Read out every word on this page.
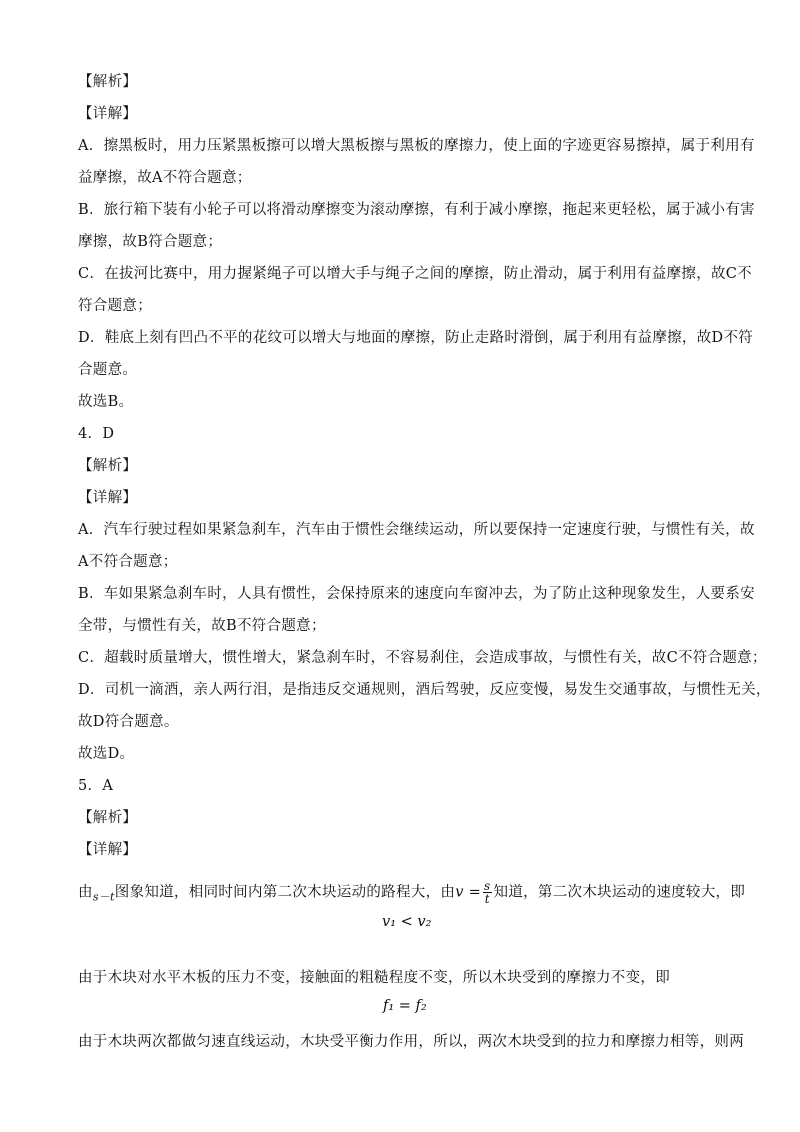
【解析】
【详解】
A．擦黑板时，用力压紧黑板擦可以增大黑板擦与黑板的摩擦力，使上面的字迹更容易擦掉，属于利用有
益摩擦，故A不符合题意；
B．旅行箱下装有小轮子可以将滑动摩擦变为滚动摩擦，有利于减小摩擦，拖起来更轻松，属于减小有害
摩擦，故B符合题意；
C．在拔河比赛中，用力握紧绳子可以增大手与绳子之间的摩擦，防止滑动，属于利用有益摩擦，故C不
符合题意；
D．鞋底上刻有凹凸不平的花纹可以增大与地面的摩擦，防止走路时滑倒，属于利用有益摩擦，故D不符
合题意。
故选B。
4．D
【解析】
【详解】
A．汽车行驶过程如果紧急刹车，汽车由于惯性会继续运动，所以要保持一定速度行驶，与惯性有关，故
A不符合题意；
B．车如果紧急刹车时，人具有惯性，会保持原来的速度向车窗冲去，为了防止这种现象发生，人要系安
全带，与惯性有关，故B不符合题意；
C．超载时质量增大，惯性增大，紧急刹车时，不容易刹住，会造成事故，与惯性有关，故C不符合题意；
D．司机一滴酒，亲人两行泪，是指违反交通规则，酒后驾驶，反应变慢，易发生交通事故，与惯性无关，
故D符合题意。
故选D。
5．A
【解析】
【详解】
由$_{s-t}$图象知道，相同时间内第二次木块运动的路程大，由$v = \frac{s}{t}$ 知道，第二次木块运动的速度较大，即
v₁ < v₂
由于木块对水平木板的压力不变，接触面的粗糙程度不变，所以木块受到的摩擦力不变，即
f₁ = f₂
由于木块两次都做匀速直线运动，木块受平衡力作用，所以，两次木块受到的拉力和摩擦力相等，则两
